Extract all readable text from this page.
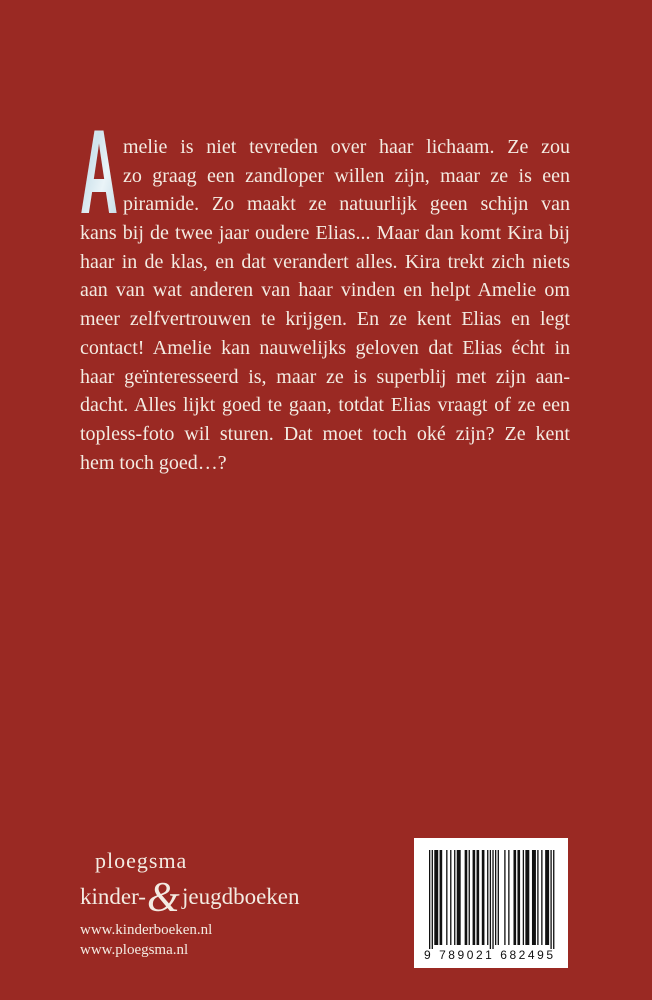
A melie is niet tevreden over haar lichaam. Ze zou
zo graag een zandloper willen zijn, maar ze is een
piramide. Zo maakt ze natuurlijk geen schijn van
kans bij de twee jaar oudere Elias... Maar dan komt Kira bij
haar in de klas, en dat verandert alles. Kira trekt zich niets
aan van wat anderen van haar vinden en helpt Amelie om
meer zelfvertrouwen te krijgen. En ze kent Elias en legt
contact! Amelie kan nauwelijks geloven dat Elias écht in
haar geïnteresseerd is, maar ze is superblij met zijn aan-
dacht. Alles lijkt goed te gaan, totdat Elias vraagt of ze een
topless-foto wil sturen. Dat moet toch oké zijn? Ze kent
hem toch goed…?
ploegsma
kinder- & jeugdboeken
www.kinderboeken.nl
www.ploegsma.nl	9 789021 682495
